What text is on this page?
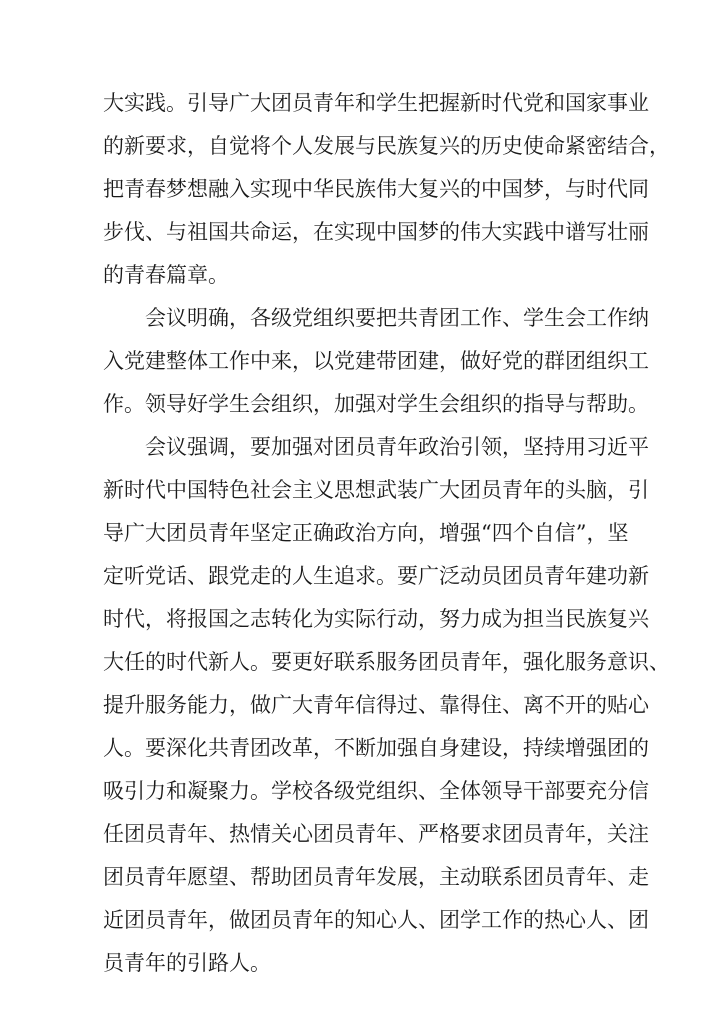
大实践。引导广大团员青年和学生把握新时代党和国家事业
的新要求，自觉将个人发展与民族复兴的历史使命紧密结合，
把青春梦想融入实现中华民族伟大复兴的中国梦，与时代同
步伐、与祖国共命运，在实现中国梦的伟大实践中谱写壮丽
的青春篇章。
会议明确，各级党组织要把共青团工作、学生会工作纳
入党建整体工作中来，以党建带团建，做好党的群团组织工
作。领导好学生会组织，加强对学生会组织的指导与帮助。
会议强调，要加强对团员青年政治引领，坚持用习近平
新时代中国特色社会主义思想武装广大团员青年的头脑，引
导广大团员青年坚定正确政治方向，增强“四个自信”，坚
定听党话、跟党走的人生追求。要广泛动员团员青年建功新
时代，将报国之志转化为实际行动，努力成为担当民族复兴
大任的时代新人。要更好联系服务团员青年，强化服务意识、
提升服务能力，做广大青年信得过、靠得住、离不开的贴心
人。要深化共青团改革，不断加强自身建设，持续增强团的
吸引力和凝聚力。学校各级党组织、全体领导干部要充分信
任团员青年、热情关心团员青年、严格要求团员青年，关注
团员青年愿望、帮助团员青年发展，主动联系团员青年、走
近团员青年，做团员青年的知心人、团学工作的热心人、团
员青年的引路人。
